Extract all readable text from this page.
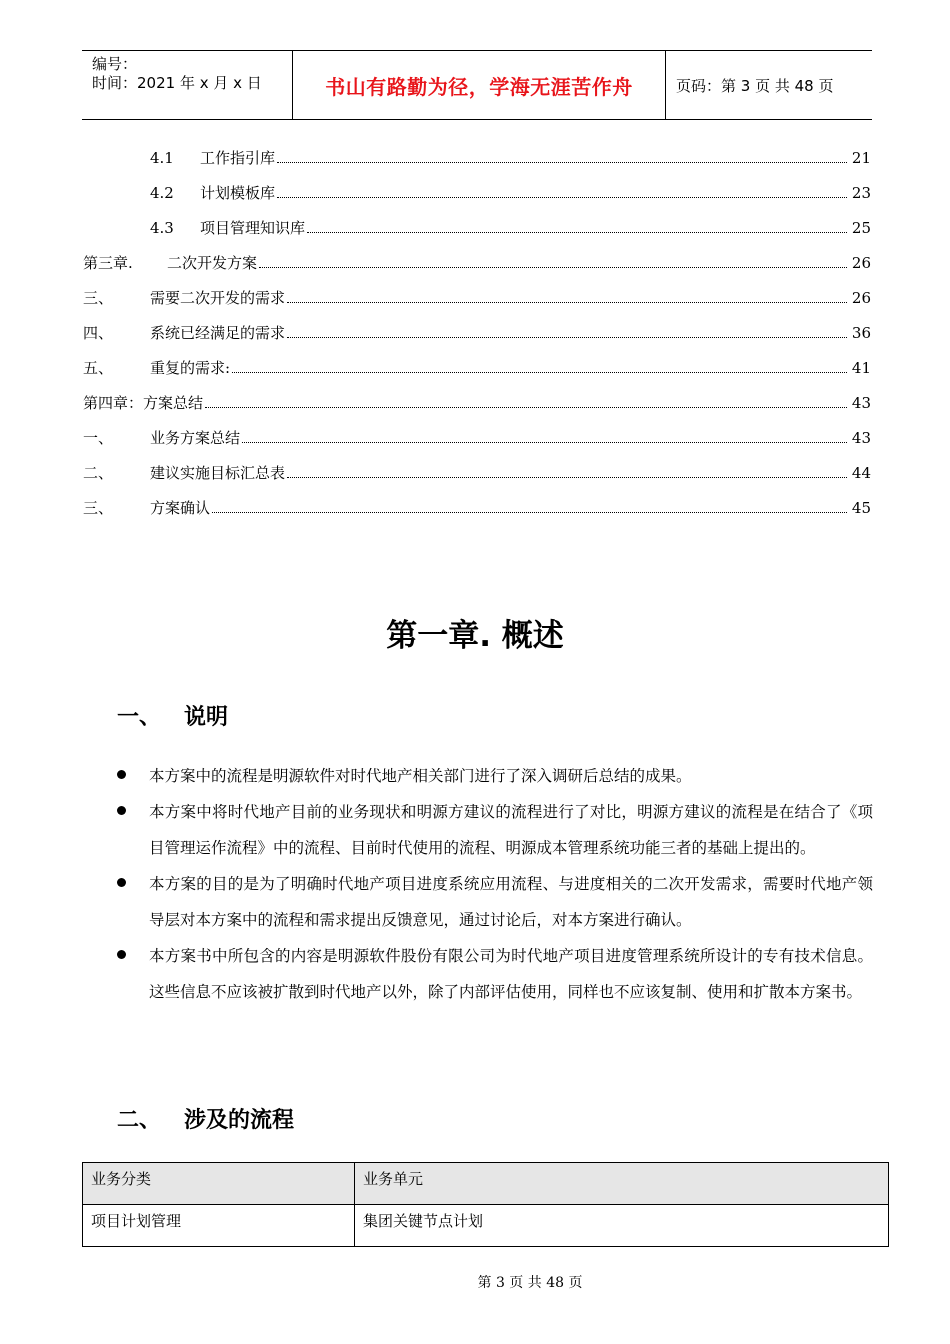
编号：
时间：2021 年 x 月 x 日	书山有路勤为径，学海无涯苦作舟	页码：第 3 页 共 48 页
4.1	工作指引库	21
4.2	计划模板库	23
4.3	项目管理知识库	25
第三章.	二次开发方案	26
三、	需要二次开发的需求	26
四、	系统已经满足的需求	36
五、	重复的需求:	41
第四章： 方案总结	43
一、	业务方案总结	43
二、	建议实施目标汇总表	44
三、	方案确认	45
第一章. 概述
一、	说明
本方案中的流程是明源软件对时代地产相关部门进行了深入调研后总结的成果。
本方案中将时代地产目前的业务现状和明源方建议的流程进行了对比，明源方建议的流程是在结合了《项目管理运作流程》中的流程、目前时代使用的流程、明源成本管理系统功能三者的基础上提出的。
本方案的目的是为了明确时代地产项目进度系统应用流程、与进度相关的二次开发需求，需要时代地产领导层对本方案中的流程和需求提出反馈意见，通过讨论后，对本方案进行确认。
本方案书中所包含的内容是明源软件股份有限公司为时代地产项目进度管理系统所设计的专有技术信息。这些信息不应该被扩散到时代地产以外，除了内部评估使用，同样也不应该复制、使用和扩散本方案书。
二、	涉及的流程
业务分类	业务单元
项目计划管理	集团关键节点计划
第 3 页 共 48 页
